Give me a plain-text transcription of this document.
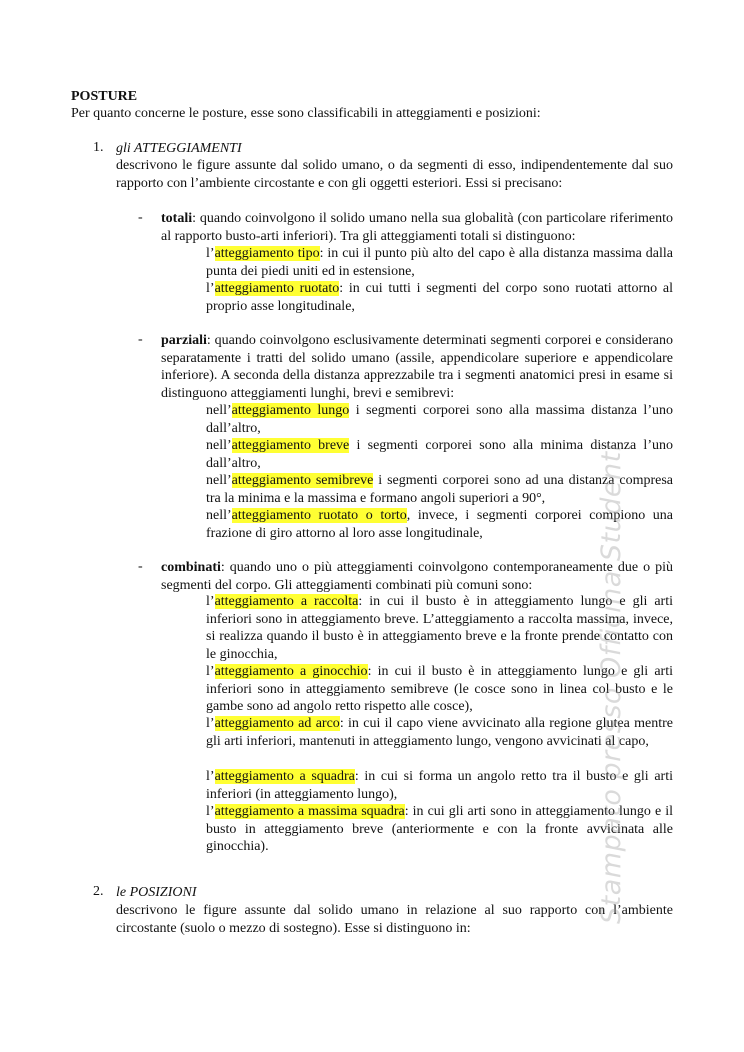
POSTURE
Per quanto concerne le posture, esse sono classificabili in atteggiamenti e posizioni:
1. gli ATTEGGIAMENTI
descrivono le figure assunte dal solido umano, o da segmenti di esso, indipendentemente dal suo rapporto con l’ambiente circostante e con gli oggetti esteriori. Essi si precisano:
- totali: quando coinvolgono il solido umano nella sua globalità (con particolare riferimento al rapporto busto-arti inferiori). Tra gli atteggiamenti totali si distinguono:
l’atteggiamento tipo: in cui il punto più alto del capo è alla distanza massima dalla punta dei piedi uniti ed in estensione,
l’atteggiamento ruotato: in cui tutti i segmenti del corpo sono ruotati attorno al proprio asse longitudinale,
- parziali: quando coinvolgono esclusivamente determinati segmenti corporei e considerano separatamente i tratti del solido umano (assile, appendicolare superiore e appendicolare inferiore). A seconda della distanza apprezzabile tra i segmenti anatomici presi in esame si distinguono atteggiamenti lunghi, brevi e semibrevi:
nell’atteggiamento lungo i segmenti corporei sono alla massima distanza l’uno dall’altro,
nell’atteggiamento breve i segmenti corporei sono alla minima distanza l’uno dall’altro,
nell’atteggiamento semibreve i segmenti corporei sono ad una distanza compresa tra la minima e la massima e formano angoli superiori a 90°,
nell’atteggiamento ruotato o torto, invece, i segmenti corporei compiono una frazione di giro attorno al loro asse longitudinale,
- combinati: quando uno o più atteggiamenti coinvolgono contemporaneamente due o più segmenti del corpo. Gli atteggiamenti combinati più comuni sono:
l’atteggiamento a raccolta: in cui il busto è in atteggiamento lungo e gli arti inferiori sono in atteggiamento breve. L’atteggiamento a raccolta massima, invece, si realizza quando il busto è in atteggiamento breve e la fronte prende contatto con le ginocchia,
l’atteggiamento a ginocchio: in cui il busto è in atteggiamento lungo e gli arti inferiori sono in atteggiamento semibreve (le cosce sono in linea col busto e le gambe sono ad angolo retto rispetto alle cosce),
l’atteggiamento ad arco: in cui il capo viene avvicinato alla regione glutea mentre gli arti inferiori, mantenuti in atteggiamento lungo, vengono avvicinati al capo,
l’atteggiamento a squadra: in cui si forma un angolo retto tra il busto e gli arti inferiori (in atteggiamento lungo),
l’atteggiamento a massima squadra: in cui gli arti sono in atteggiamento lungo e il busto in atteggiamento breve (anteriormente e con la fronte avvicinata alle ginocchia).
2. le POSIZIONI
descrivono le figure assunte dal solido umano in relazione al suo rapporto con l’ambiente circostante (suolo o mezzo di sostegno). Esse si distinguono in:
Stampato presso Officina Studenti
